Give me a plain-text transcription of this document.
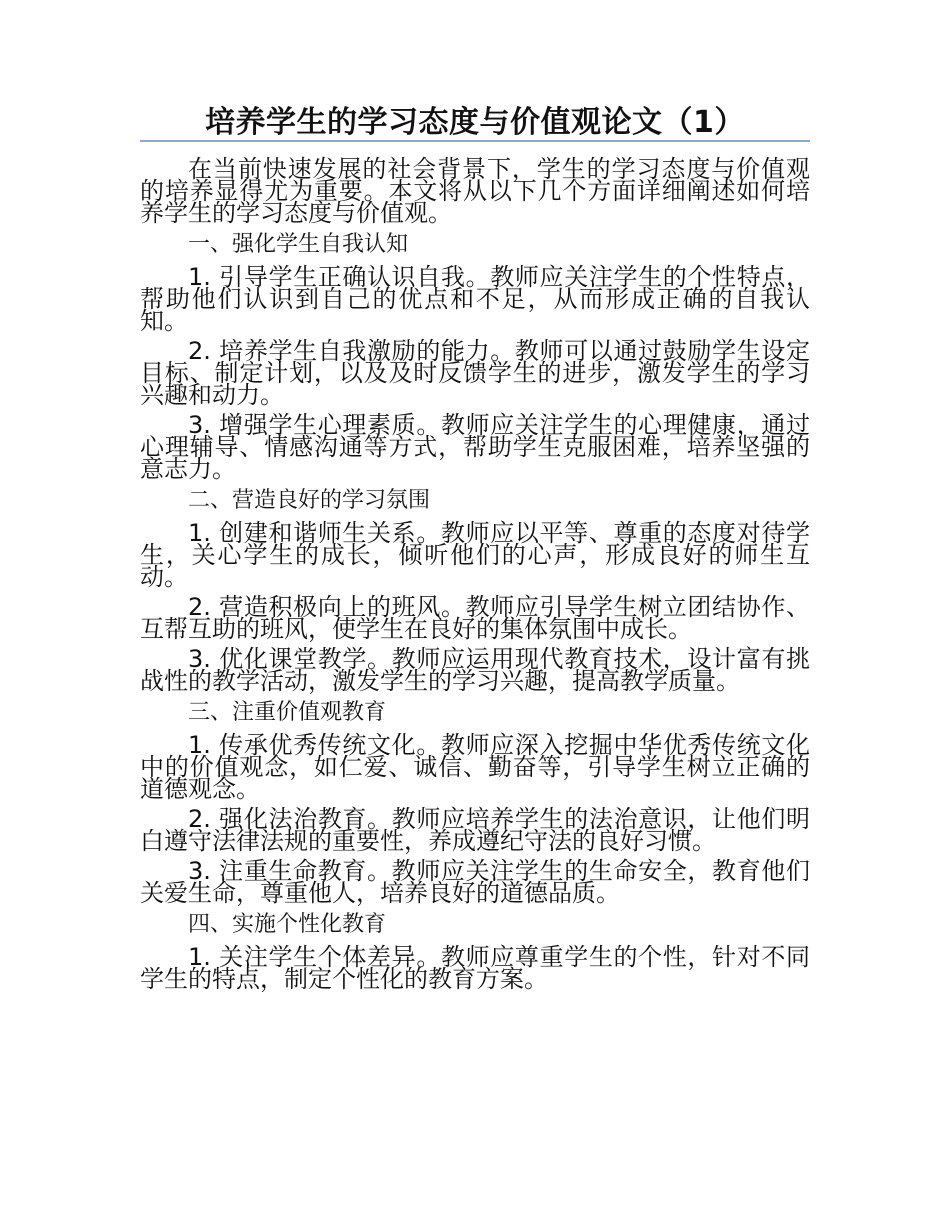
培养学生的学习态度与价值观论文（1）

在当前快速发展的社会背景下，学生的学习态度与价值观的培养显得尤为重要。本文将从以下几个方面详细阐述如何培养学生的学习态度与价值观。

一、强化学生自我认知

1. 引导学生正确认识自我。教师应关注学生的个性特点，帮助他们认识到自己的优点和不足，从而形成正确的自我认知。

2. 培养学生自我激励的能力。教师可以通过鼓励学生设定目标、制定计划，以及及时反馈学生的进步，激发学生的学习兴趣和动力。

3. 增强学生心理素质。教师应关注学生的心理健康，通过心理辅导、情感沟通等方式，帮助学生克服困难，培养坚强的意志力。

二、营造良好的学习氛围

1. 创建和谐师生关系。教师应以平等、尊重的态度对待学生，关心学生的成长，倾听他们的心声，形成良好的师生互动。

2. 营造积极向上的班风。教师应引导学生树立团结协作、互帮互助的班风，使学生在良好的集体氛围中成长。

3. 优化课堂教学。教师应运用现代教育技术，设计富有挑战性的教学活动，激发学生的学习兴趣，提高教学质量。

三、注重价值观教育

1. 传承优秀传统文化。教师应深入挖掘中华优秀传统文化中的价值观念，如仁爱、诚信、勤奋等，引导学生树立正确的道德观念。

2. 强化法治教育。教师应培养学生的法治意识，让他们明白遵守法律法规的重要性，养成遵纪守法的良好习惯。

3. 注重生命教育。教师应关注学生的生命安全，教育他们关爱生命，尊重他人，培养良好的道德品质。

四、实施个性化教育

1. 关注学生个体差异。教师应尊重学生的个性，针对不同学生的特点，制定个性化的教育方案。
